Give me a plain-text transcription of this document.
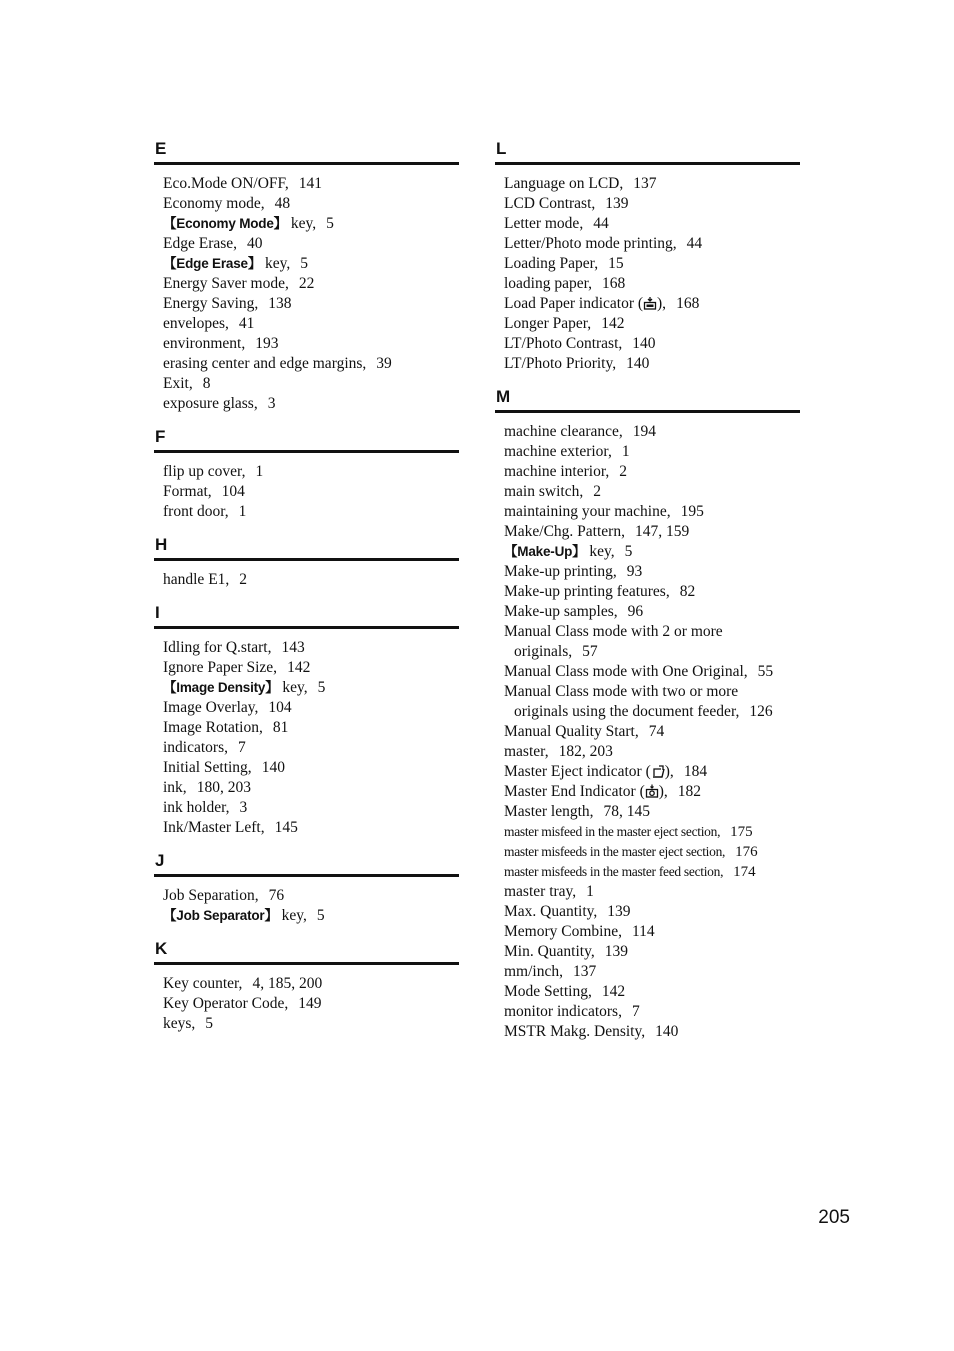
E
Eco.Mode ON/OFF, 141
Economy mode, 48
【Economy Mode】 key, 5
Edge Erase, 40
【Edge Erase】 key, 5
Energy Saver mode, 22
Energy Saving, 138
envelopes, 41
environment, 193
erasing center and edge margins, 39
Exit, 8
exposure glass, 3
F
flip up cover, 1
Format, 104
front door, 1
H
handle E1, 2
I
Idling for Q.start, 143
Ignore Paper Size, 142
【Image Density】 key, 5
Image Overlay, 104
Image Rotation, 81
indicators, 7
Initial Setting, 140
ink, 180, 203
ink holder, 3
Ink/Master Left, 145
J
Job Separation, 76
【Job Separator】 key, 5
K
Key counter, 4, 185, 200
Key Operator Code, 149
keys, 5
L
Language on LCD, 137
LCD Contrast, 139
Letter mode, 44
Letter/Photo mode printing, 44
Loading Paper, 15
loading paper, 168
Load Paper indicator ( ), 168
Longer Paper, 142
LT/Photo Contrast, 140
LT/Photo Priority, 140
M
machine clearance, 194
machine exterior, 1
machine interior, 2
main switch, 2
maintaining your machine, 195
Make/Chg. Pattern, 147, 159
【Make-Up】 key, 5
Make-up printing, 93
Make-up printing features, 82
Make-up samples, 96
Manual Class mode with 2 or more
originals, 57
Manual Class mode with One Original, 55
Manual Class mode with two or more
originals using the document feeder, 126
Manual Quality Start, 74
master, 182, 203
Master Eject indicator ( ), 184
Master End Indicator ( ), 182
Master length, 78, 145
master misfeed in the master eject section, 175
master misfeeds in the master eject section, 176
master misfeeds in the master feed section, 174
master tray, 1
Max. Quantity, 139
Memory Combine, 114
Min. Quantity, 139
mm/inch, 137
Mode Setting, 142
monitor indicators, 7
MSTR Makg. Density, 140
205
